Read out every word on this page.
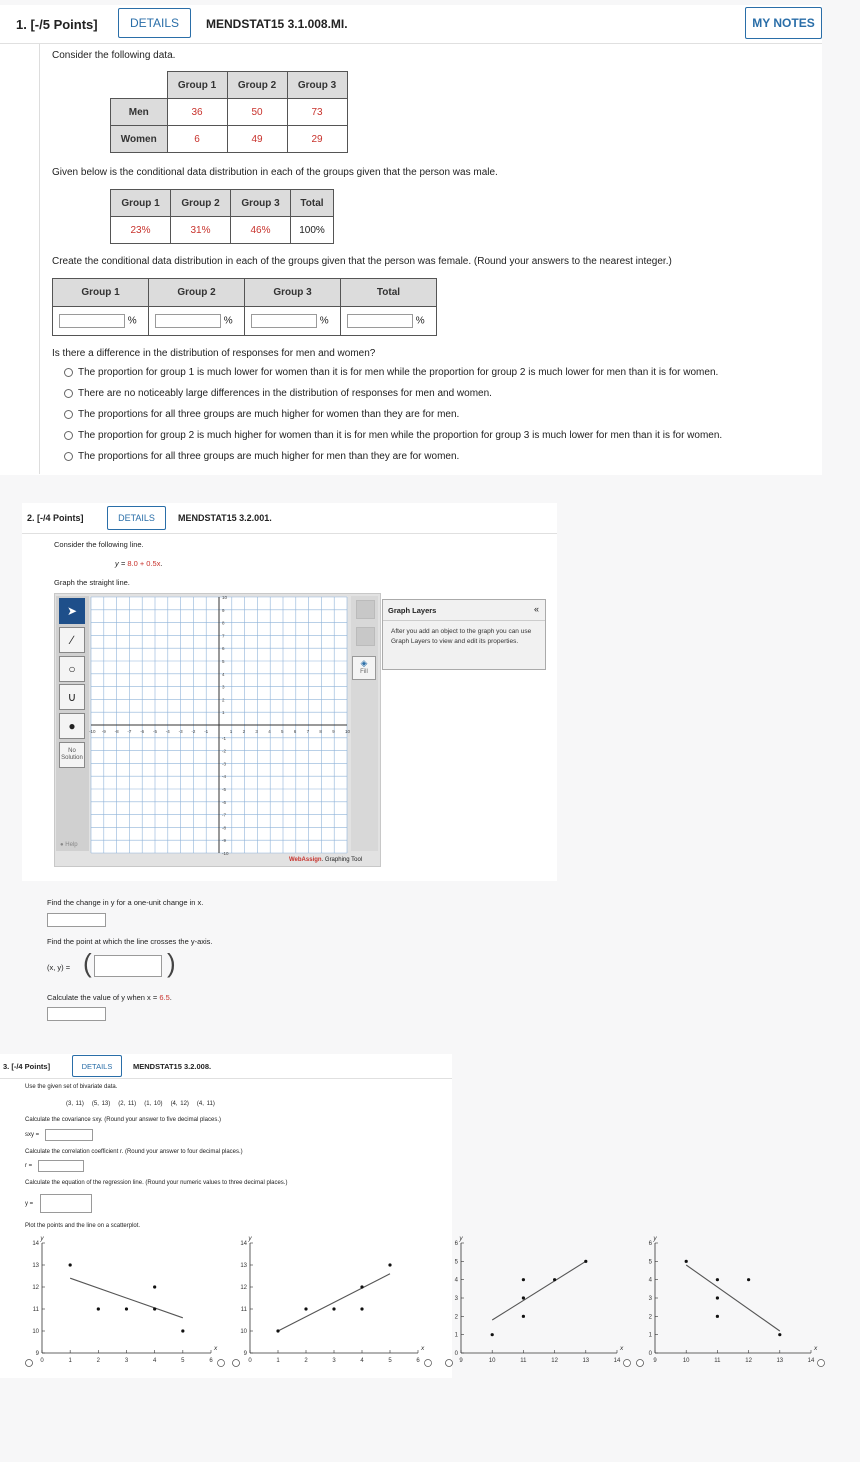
1. [-/5 Points]	DETAILS MENDSTAT15 3.1.008.MI.	MY NOTES
Consider the following data.
	Group 1	Group 2	Group 3
Men	36	50	73
Women	6	49	29
Given below is the conditional data distribution in each of the groups given that the person was male.
Group 1	Group 2	Group 3	Total
23%	31%	46%	100%
Create the conditional data distribution in each of the groups given that the person was female. (Round your answers to the nearest integer.)
Group 1	Group 2	Group 3	Total
%	%	%	%
Is there a difference in the distribution of responses for men and women?
The proportion for group 1 is much lower for women than it is for men while the proportion for group 2 is much lower for men than it is for women.
There are no noticeably large differences in the distribution of responses for men and women.
The proportions for all three groups are much higher for women than they are for men.
The proportion for group 2 is much higher for women than it is for men while the proportion for group 3 is much lower for men than it is for women.
The proportions for all three groups are much higher for men than they are for women.
2. [-/4 Points]	DETAILS	MENDSTAT15 3.2.001.
Consider the following line.
y = 8.0 + 0.5x.
Graph the straight line.
➤
∕
○
∪
●
No Solution
● Help
-10 -9 -8 -7 -6 -5 -4 -3 -2 -1	1 2 3 4 5 6 7 8 9 10
10
9
8
7
6
5
4
3
2
1
-1
-2
-3
-4
-5
-6
-7
-8
-9
-10
◈
Fill
WebAssign. Graphing Tool
Graph Layers	«
After you add an object to the graph you can use Graph Layers to view and edit its properties.
Find the change in y for a one-unit change in x.
Find the point at which the line crosses the y-axis.
(x, y) = (	)
Calculate the value of y when x = 6.5.
3. [-/4 Points]	DETAILS	MENDSTAT15 3.2.008.
Use the given set of bivariate data.
(3, 11) (5, 13) (2, 11) (1, 10) (4, 12) (4, 11)
Calculate the covariance sxy. (Round your answer to five decimal places.)
sxy =
Calculate the correlation coefficient r. (Round your answer to four decimal places.)
r =
Calculate the equation of the regression line. (Round your numeric values to three decimal places.)
y =
Plot the points and the line on a scatterplot.
0	1	2	3	4	5	6
9
10
11
12
13
14
y
x
0	1	2	3	4	5	6
9
10
11
12
13
14
y
x
9	10	11	12	13	14
0
1
2
3
4
5
6
y
x
9	10	11	12	13	14
0
1
2
3
4
5
6
y
x
